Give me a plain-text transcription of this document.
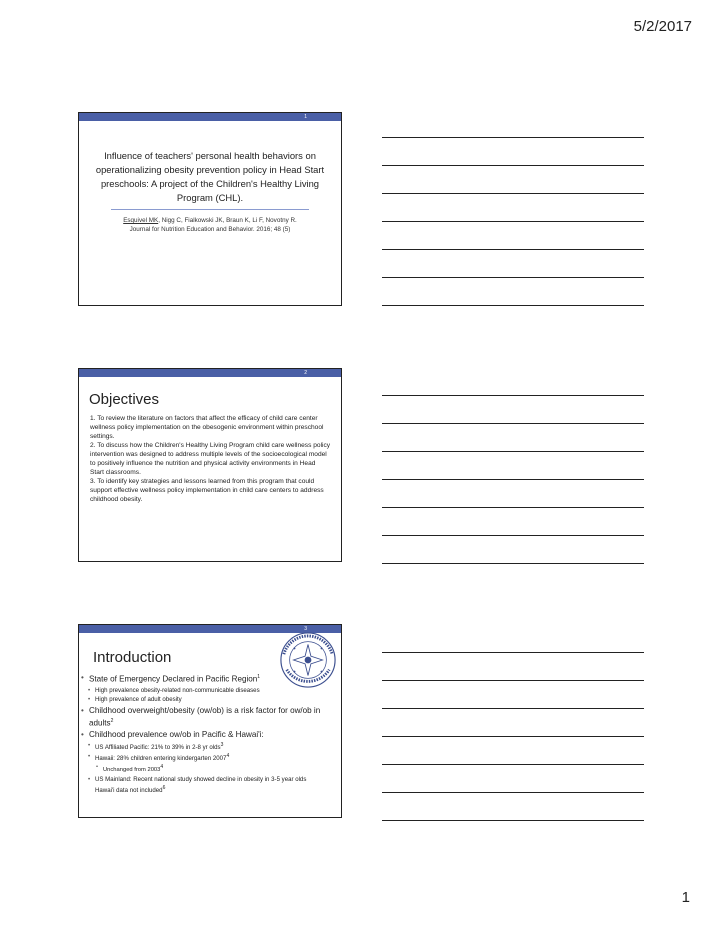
5/2/2017
1
Influence of teachers' personal health behaviors on operationalizing obesity prevention policy in Head Start preschools: A project of the Children's Healthy Living Program (CHL).
Esquivel MK, Nigg C, Fialkowski JK, Braun K, Li F, Novotny R.
Journal for Nutrition Education and Behavior. 2016; 48 (5)
2
Objectives

1. To review the literature on factors that affect the efficacy of child care center wellness policy implementation on the obesogenic environment within preschool settings.

2. To discuss how the Children's Healthy Living Program child care wellness policy intervention was designed to address multiple levels of the socioecological model to positively influence the nutrition and physical activity environments in Head Start classrooms.

3. To identify key strategies and lessons learned from this program that could support effective wellness policy implementation in child care centers to address childhood obesity.

3
Introduction
• State of Emergency Declared in Pacific Region$^1$
• High prevalence obesity-related non-communicable diseases
• High prevalence of adult obesity
• Childhood overweight/obesity (ow/ob) is a risk factor for ow/ob in adults$^2$
• Childhood prevalence ow/ob in Pacific & Hawai'i:
• US Affiliated Pacific: 21% to 39% in 2-8 yr olds$^3$
• Hawaii: 28% children entering kindergarten 2007$^4$
• Unchanged from 2003$^4$
• US Mainland: Recent national study showed decline in obesity in 3-5 year olds Hawai'i data not included$^6$
1
